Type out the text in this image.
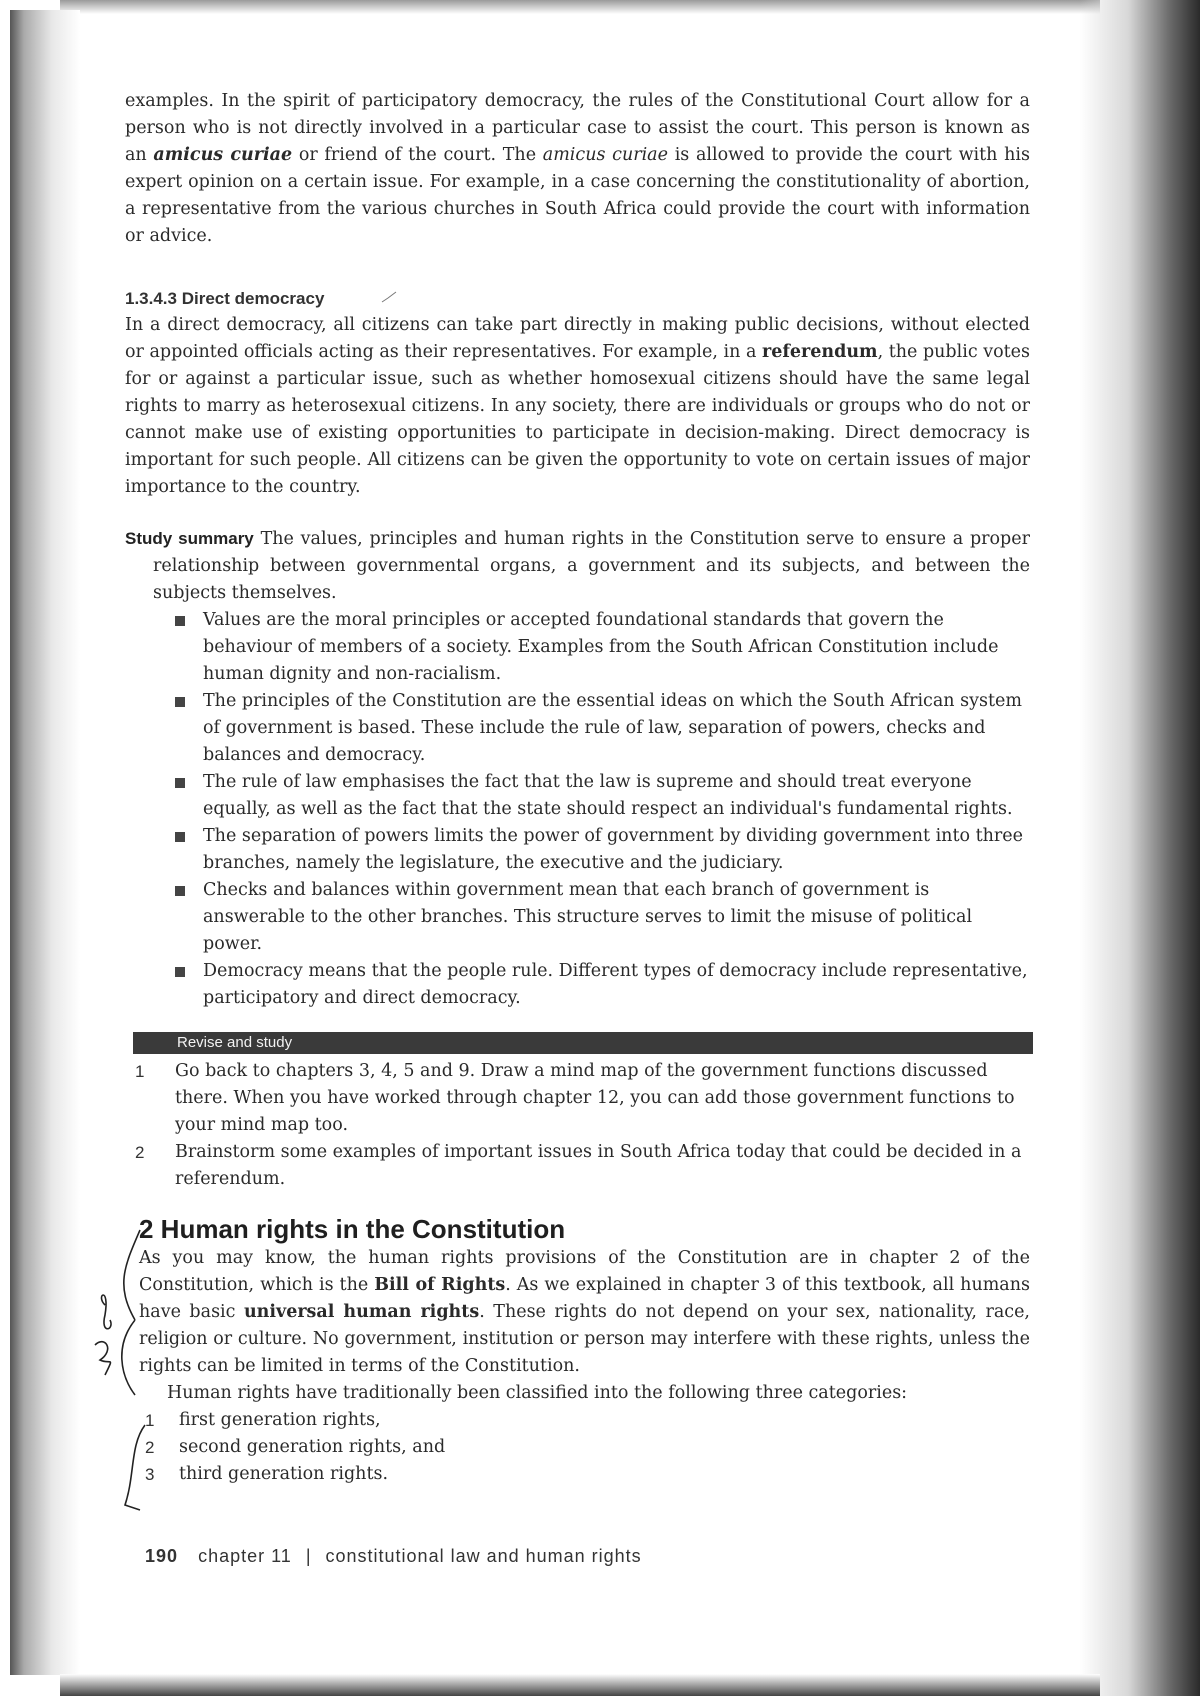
examples. In the spirit of participatory democracy, the rules of the Constitutional Court allow for a person who is not directly involved in a particular case to assist the court. This person is known as an amicus curiae or friend of the court. The amicus curiae is allowed to provide the court with his expert opinion on a certain issue. For example, in a case concerning the constitutionality of abortion, a representative from the various churches in South Africa could provide the court with information or advice.

1.3.4.3 Direct democracy

In a direct democracy, all citizens can take part directly in making public decisions, without elected or appointed officials acting as their representatives. For example, in a referendum, the public votes for or against a particular issue, such as whether homosexual citizens should have the same legal rights to marry as heterosexual citizens. In any society, there are individuals or groups who do not or cannot make use of existing opportunities to participate in decision-making. Direct democracy is important for such people. All citizens can be given the opportunity to vote on certain issues of major importance to the country.

Study summary The values, principles and human rights in the Constitution serve to ensure a proper relationship between governmental organs, a government and its subjects, and between the subjects themselves.

Values are the moral principles or accepted foundational standards that govern the behaviour of members of a society. Examples from the South African Constitution include human dignity and non-racialism.
The principles of the Constitution are the essential ideas on which the South African system of government is based. These include the rule of law, separation of powers, checks and balances and democracy.
The rule of law emphasises the fact that the law is supreme and should treat everyone equally, as well as the fact that the state should respect an individual's fundamental rights.
The separation of powers limits the power of government by dividing government into three branches, namely the legislature, the executive and the judiciary.
Checks and balances within government mean that each branch of government is answerable to the other branches. This structure serves to limit the misuse of political power.
Democracy means that the people rule. Different types of democracy include representative, participatory and direct democracy.
Revise and study
1 Go back to chapters 3, 4, 5 and 9. Draw a mind map of the government functions discussed there. When you have worked through chapter 12, you can add those government functions to your mind map too.
2 Brainstorm some examples of important issues in South Africa today that could be decided in a referendum.
2 Human rights in the Constitution

As you may know, the human rights provisions of the Constitution are in chapter 2 of the Constitution, which is the Bill of Rights. As we explained in chapter 3 of this textbook, all humans have basic universal human rights. These rights do not depend on your sex, nationality, race, religion or culture. No government, institution or person may interfere with these rights, unless the rights can be limited in terms of the Constitution.

Human rights have traditionally been classified into the following three categories:

1 first generation rights,
2 second generation rights, and
3 third generation rights.
190 chapter 11 | constitutional law and human rights
